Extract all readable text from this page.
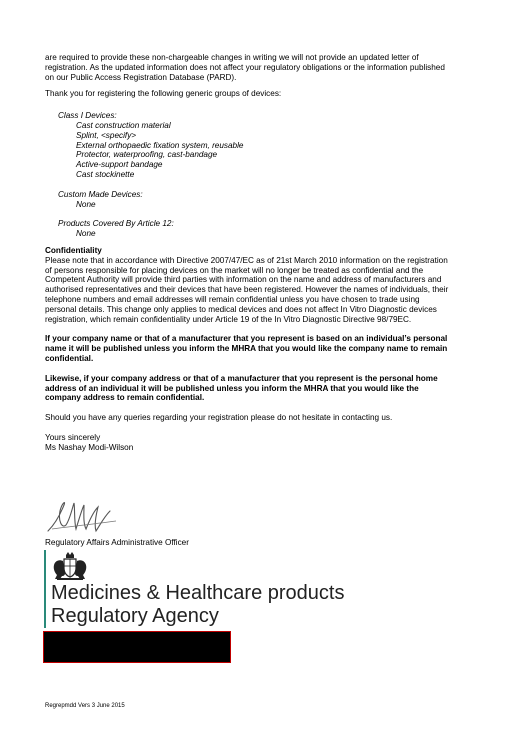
are required to provide these non-chargeable changes in writing we will not provide an updated letter of

registration. As the updated information does not affect your regulatory obligations or the information published

on our Public Access Registration Database (PARD).

Thank you for registering the following generic groups of devices:

Class I Devices:

Cast construction material

Splint, <specify>

External orthopaedic fixation system, reusable

Protector, waterproofing, cast-bandage

Active-support bandage

Cast stockinette

Custom Made Devices:

None

Products Covered By Article 12:

None

Confidentiality

Please note that in accordance with Directive 2007/47/EC as of 21st March 2010 information on the registration

of persons responsible for placing devices on the market will no longer be treated as confidential and the

Competent Authority will provide third parties with information on the name and address of manufacturers and

authorised representatives and their devices that have been registered. However the names of individuals, their

telephone numbers and email addresses will remain confidential unless you have chosen to trade using

personal details. This change only applies to medical devices and does not affect In Vitro Diagnostic devices

registration, which remain confidentiality under Article 19 of the In Vitro Diagnostic Directive 98/79EC.

If your company name or that of a manufacturer that you represent is based on an individual’s personal

name it will be published unless you inform the MHRA that you would like the company name to remain

confidential.

Likewise, if your company address or that of a manufacturer that you represent is the personal home

address of an individual it will be published unless you inform the MHRA that you would like the

company address to remain confidential.

Should you have any queries regarding your registration please do not hesitate in contacting us.

Yours sincerely

Ms Nashay Modi-Wilson

Regulatory Affairs Administrative Officer

Medicines & Healthcare products
Regulatory Agency

Regrepmdd Vers 3 June 2015
